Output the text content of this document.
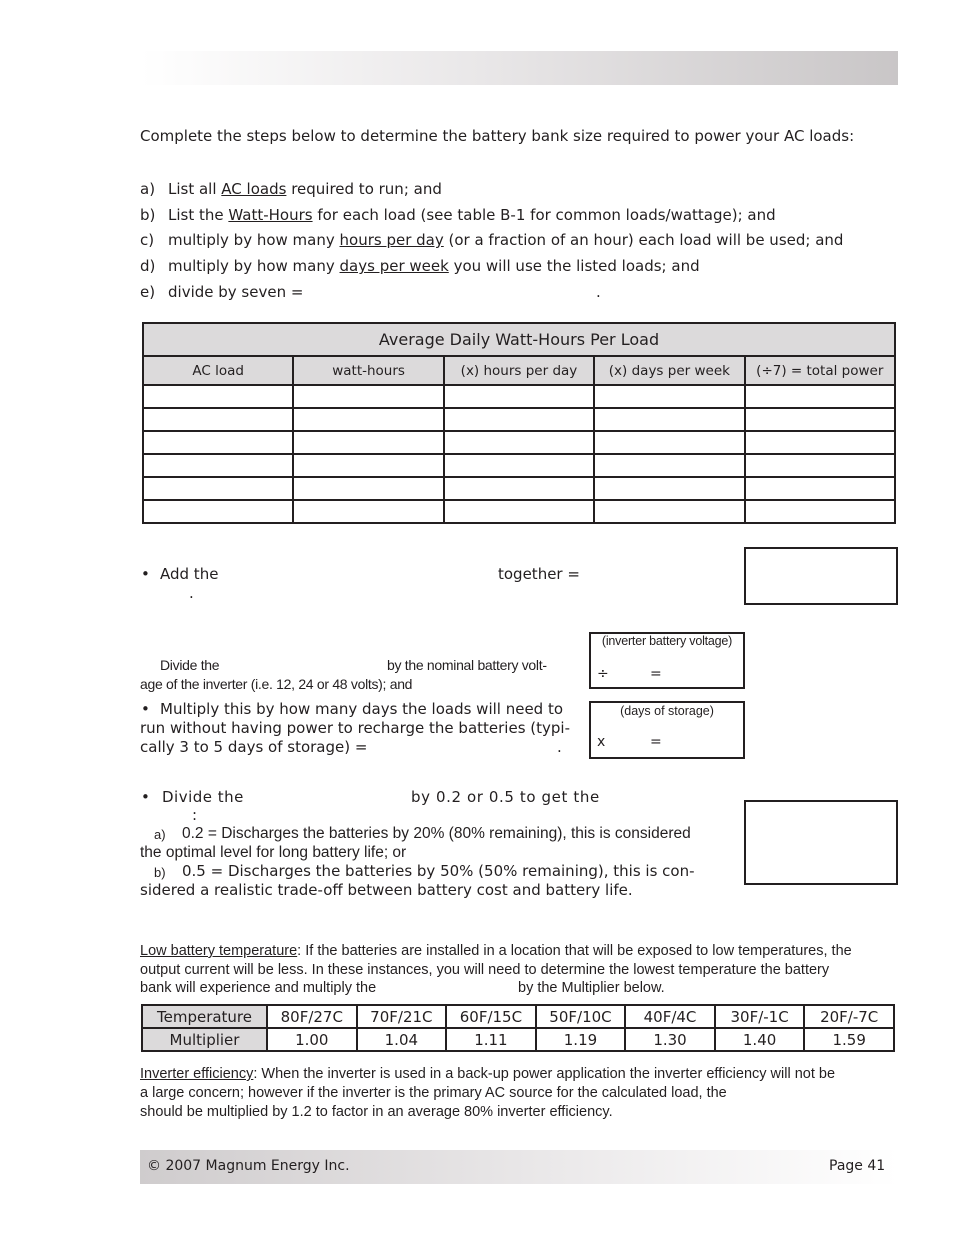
Complete the steps below to determine the battery bank size required to power your AC loads:
a) List all AC loads required to run; and
b) List the Watt-Hours for each load (see table B-1 for common loads/wattage); and
c) multiply by how many hours per day (or a fraction of an hour) each load will be used; and
d) multiply by how many days per week you will use the listed loads; and
e) divide by seven =	.
Average Daily Watt-Hours Per Load				
AC load	watt-hours	(x) hours per day	(x) days per week	(÷7) = total power

• Add the	together =
.
Divide the	by the nominal battery volt-
age of the inverter (i.e. 12, 24 or 48 volts); and
(inverter battery voltage)
÷	=
• Multiply this by how many days the loads will need to
run without having power to recharge the batteries (typi-
cally 3 to 5 days of storage) =	.
(days of storage)
x	=
• Divide the	by 0.2 or 0.5 to get the
:
a) 0.2 = Discharges the batteries by 20% (80% remaining), this is considered
the optimal level for long battery life; or
b) 0.5 = Discharges the batteries by 50% (50% remaining), this is con-
sidered a realistic trade-off between battery cost and battery life.
Low battery temperature: If the batteries are installed in a location that will be exposed to low temperatures, the
output current will be less. In these instances, you will need to determine the lowest temperature the battery
bank will experience and multiply the	by the Multiplier below.
Temperature	80F/27C	70F/21C	60F/15C	50F/10C	40F/4C	30F/-1C	20F/-7C
Multiplier	1.00	1.04	1.11	1.19	1.30	1.40	1.59
Inverter efficiency: When the inverter is used in a back-up power application the inverter efficiency will not be
a large concern; however if the inverter is the primary AC source for the calculated load, the
should be multiplied by 1.2 to factor in an average 80% inverter efficiency.
© 2007 Magnum Energy Inc.	Page 41
